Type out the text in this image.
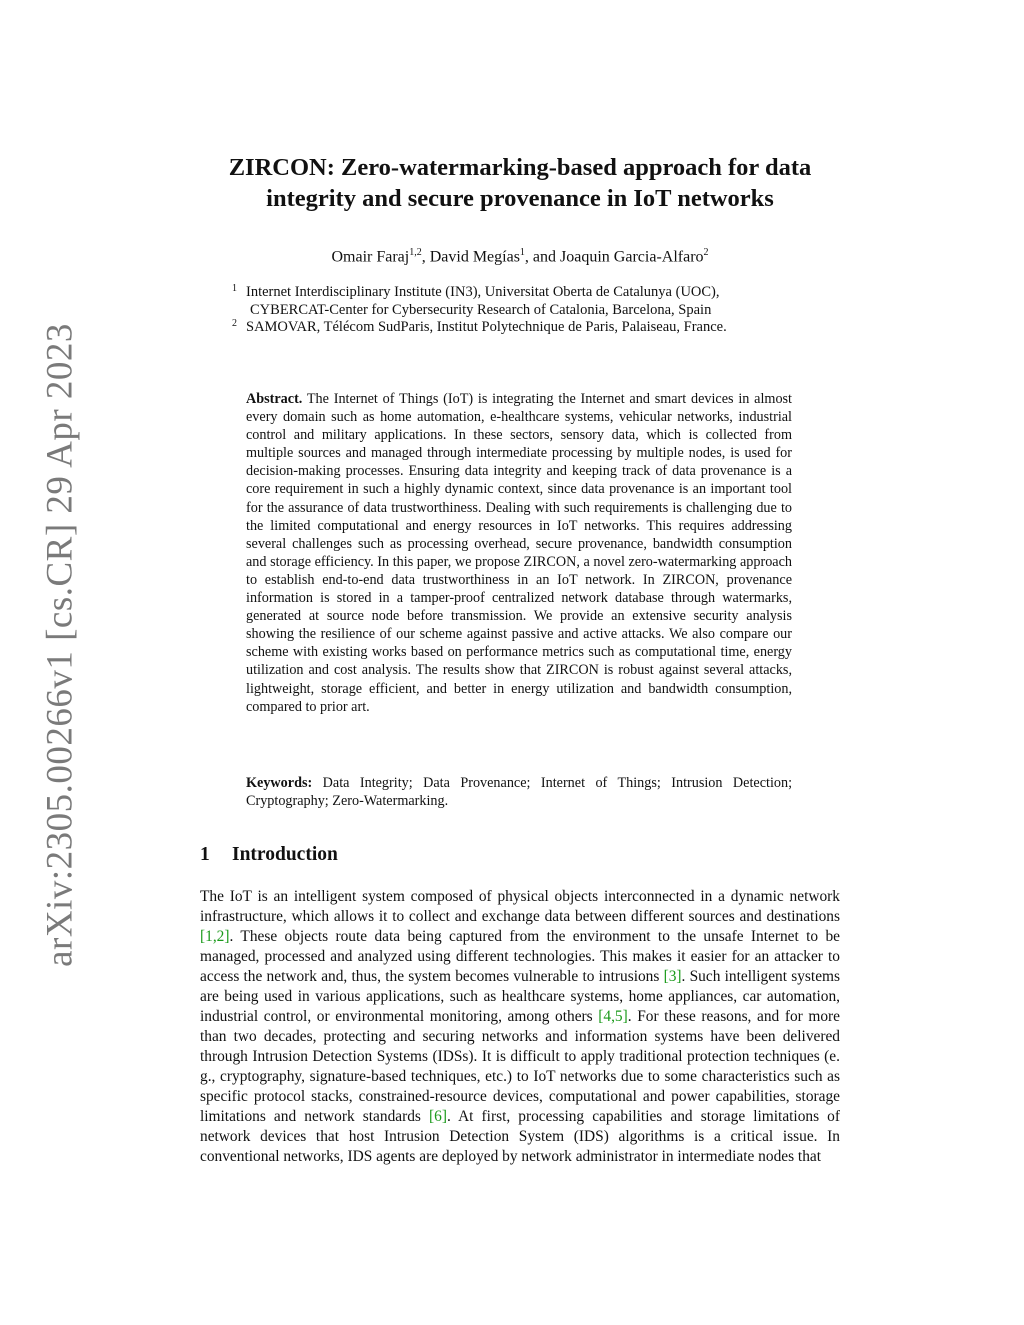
arXiv:2305.00266v1 [cs.CR] 29 Apr 2023
ZIRCON: Zero-watermarking-based approach for data
integrity and secure provenance in IoT networks
Omair Faraj$^{1,2}$, David Megías$^1$, and Joaquin Garcia-Alfaro$^2$
1 Internet Interdisciplinary Institute (IN3), Universitat Oberta de Catalunya (UOC),
CYBERCAT-Center for Cybersecurity Research of Catalonia, Barcelona, Spain
2 SAMOVAR, Télécom SudParis, Institut Polytechnique de Paris, Palaiseau, France.
Abstract. The Internet of Things (IoT) is integrating the Internet and smart devices in almost every domain such as home automation, e-healthcare systems, vehicular networks, industrial control and military applications. In these sectors, sensory data, which is collected from multiple sources and managed through intermediate processing by multiple nodes, is used for decision-making processes. Ensuring data integrity and keeping track of data provenance is a core requirement in such a highly dynamic context, since data provenance is an important tool for the assurance of data trustworthiness. Dealing with such requirements is challenging due to the limited computational and energy resources in IoT networks. This requires addressing several challenges such as processing overhead, secure provenance, bandwidth consumption and storage efficiency. In this paper, we propose ZIRCON, a novel zero-watermarking approach to establish end-to-end data trustworthiness in an IoT network. In ZIRCON, provenance information is stored in a tamper-proof centralized network database through watermarks, generated at source node before transmission. We provide an extensive security analysis showing the resilience of our scheme against passive and active attacks. We also compare our scheme with existing works based on performance metrics such as computational time, energy utilization and cost analysis. The results show that ZIRCON is robust against several attacks, lightweight, storage efficient, and better in energy utilization and bandwidth consumption, compared to prior art.
Keywords: Data Integrity; Data Provenance; Internet of Things; Intrusion Detection; Cryptography; Zero-Watermarking.
1 Introduction
The IoT is an intelligent system composed of physical objects interconnected in a dynamic network infrastructure, which allows it to collect and exchange data between different sources and destinations [1,2]. These objects route data being captured from the environment to the unsafe Internet to be managed, processed and analyzed using different technologies. This makes it easier for an attacker to access the network and, thus, the system becomes vulnerable to intrusions [3]. Such intelligent systems are being used in various applications, such as healthcare systems, home appliances, car automation, industrial control, or environmental monitoring, among others [4,5]. For these reasons, and for more than two decades, protecting and securing networks and information systems have been delivered through Intrusion Detection Systems (IDSs). It is difficult to apply traditional protection techniques (e. g., cryptography, signature-based techniques, etc.) to IoT networks due to some characteristics such as specific protocol stacks, constrained-resource devices, computational and power capabilities, storage limitations and network standards [6]. At first, processing capabilities and storage limitations of network devices that host Intrusion Detection System (IDS) algorithms is a critical issue. In conventional networks, IDS agents are deployed by network administrator in intermediate nodes that
